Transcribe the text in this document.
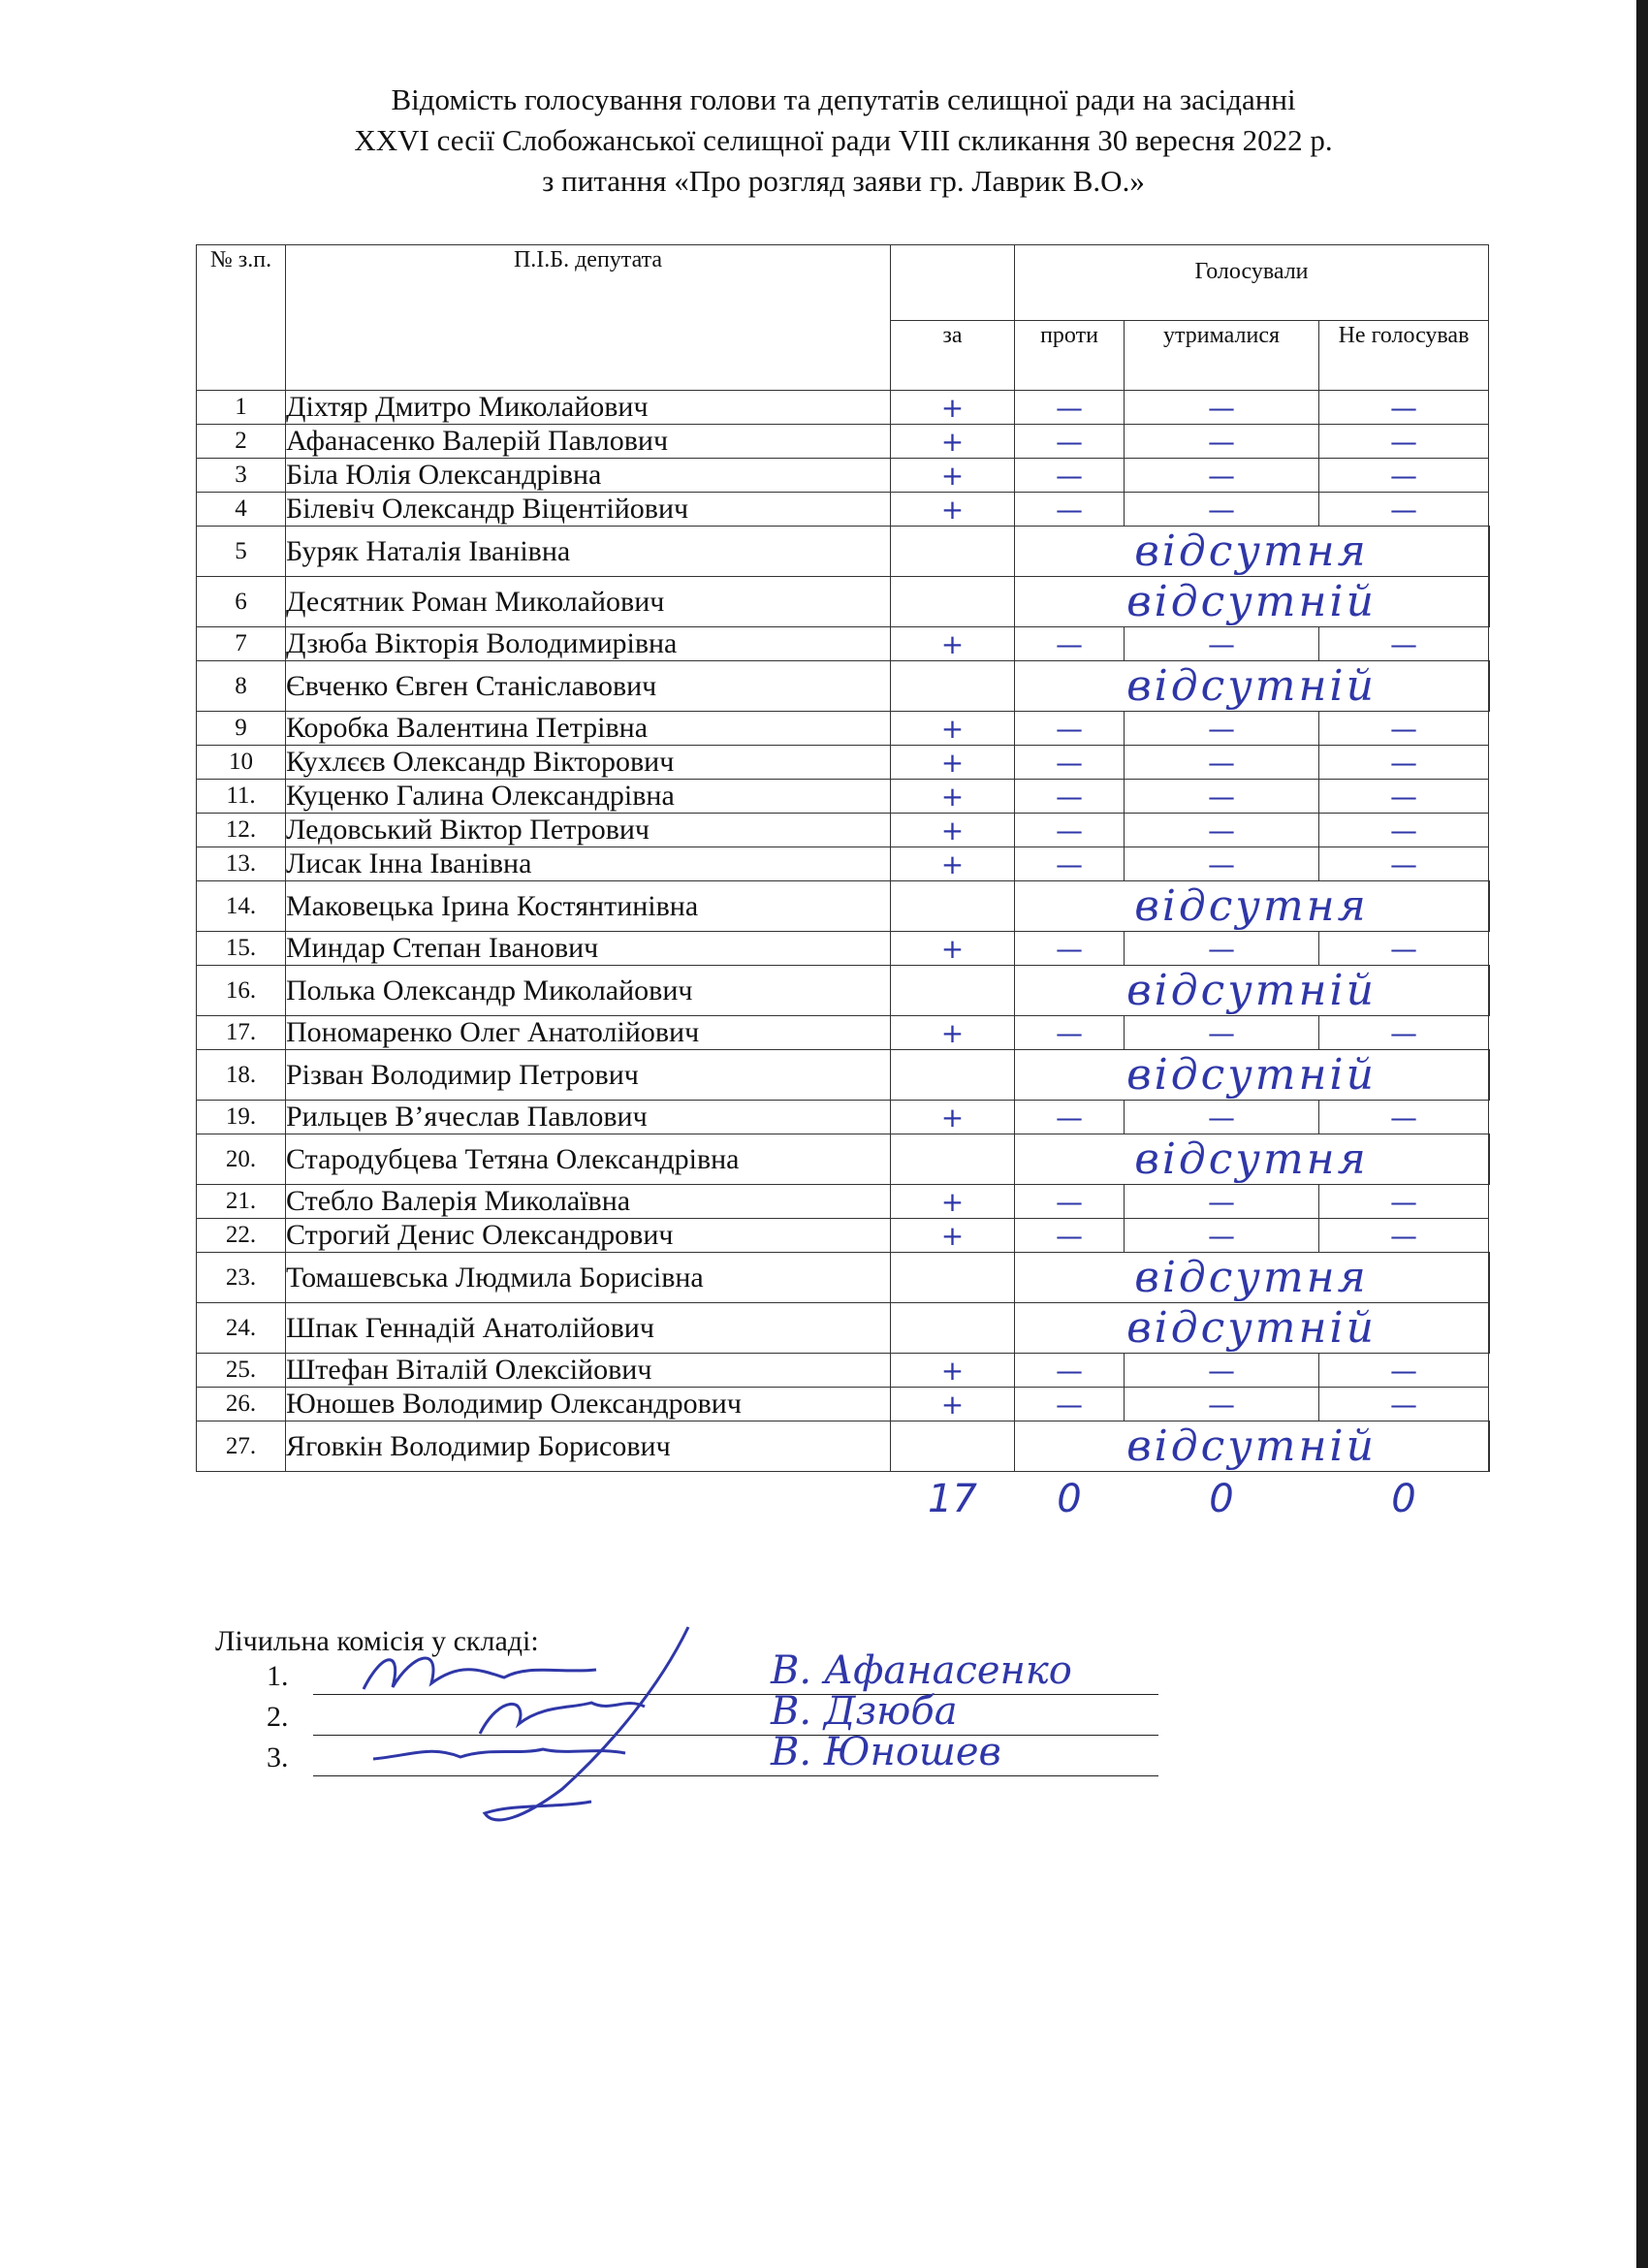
Відомість голосування голови та депутатів селищної ради на засіданні
XXVI сесії Слобожанської селищної ради VIII скликання 30 вересня 2022 р.
з питання «Про розгляд заяви гр. Лаврик В.О.»
№ з.п.	П.І.Б. депутата		Голосували			
		за	проти	утрималися	Не голосував	
1	Діхтяр Дмитро Миколайович	+	—	—	—	
2	Афанасенко Валерій Павлович	+	—	—	—	
3	Біла Юлія Олександрівна	+	—	—	—	
4	Білевіч Олександр Віцентійович	+	—	—	—	
5	Буряк Наталія Іванівна		відсутня			
6	Десятник Роман Миколайович		відсутній			
7	Дзюба Вікторія Володимирівна	+	—	—	—	
8	Євченко Євген Станіславович		відсутній			
9	Коробка Валентина Петрівна	+	—	—	—	
10	Кухлєєв Олександр Вікторович	+	—	—	—	
11.	Куценко Галина Олександрівна	+	—	—	—	
12.	Ледовський Віктор Петрович	+	—	—	—	
13.	Лисак Інна Іванівна	+	—	—	—	
14.	Маковецька Ірина Костянтинівна		відсутня			
15.	Миндар Степан Іванович	+	—	—	—	
16.	Полька Олександр Миколайович		відсутній			
17.	Пономаренко Олег Анатолійович	+	—	—	—	
18.	Різван Володимир Петрович		відсутній			
19.	Рильцев В’ячеслав Павлович	+	—	—	—	
20.	Стародубцева Тетяна Олександрівна		відсутня			
21.	Стебло Валерія Миколаївна	+	—	—	—	
22.	Строгий Денис Олександрович	+	—	—	—	
23.	Томашевська Людмила Борисівна		відсутня			
24.	Шпак Геннадій Анатолійович		відсутній			
25.	Штефан Віталій Олексійович	+	—	—	—	
26.	Юношев Володимир Олександрович	+	—	—	—	
27.	Яговкін Володимир Борисович		відсутній			
		17	0	0	0	
Лічильна комісія у складі:
1.	В. Афанасенко
2.	В. Дзюба
3.	В. Юношев
